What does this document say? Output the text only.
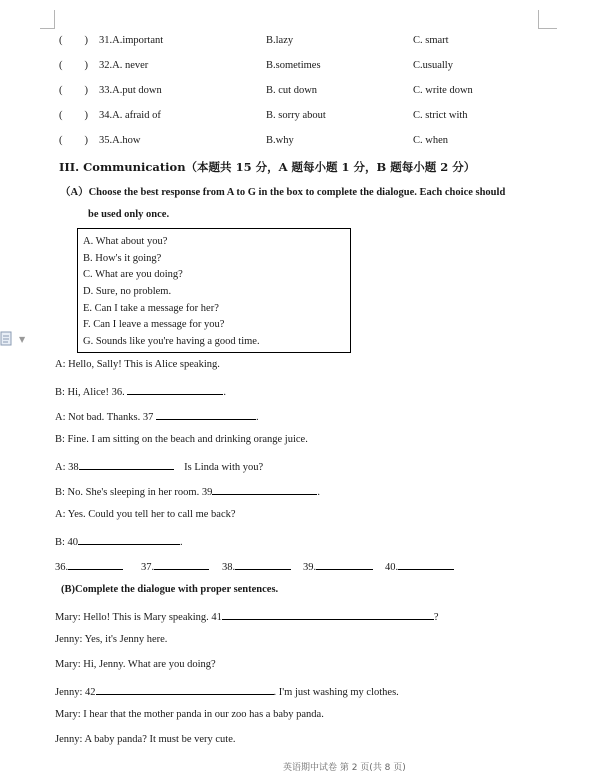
▼
( ) 31.A.important	B.lazy	C. smart
( ) 32.A. never	B.sometimes	C.usually
( ) 33.A.put down	B. cut down	C. write down
( ) 34.A. afraid of	B. sorry about	C. strict with
( ) 35.A.how	B.why	C. when
III. Communication（本题共 15 分，A 题每小题 1 分，B 题每小题 2 分）
（A）Choose the best response from A to G in the box to complete the dialogue. Each choice should
be used only once.
A. What about you?
B. How's it going?
C. What are you doing?
D. Sure, no problem.
E. Can I take a message for her?
F. Can I leave a message for you?
G. Sounds like you're having a good time.
A: Hello, Sally! This is Alice speaking.
B: Hi, Alice! 36.	.
A: Not bad. Thanks. 37	.
B: Fine. I am sitting on the beach and drinking orange juice.
A: 38	Is Linda with you?
B: No. She's sleeping in her room. 39	.
A: Yes. Could you tell her to call me back?
B: 40	.
36.	37.	38.	39.	40.
(B)Complete the dialogue with proper sentences.
Mary: Hello! This is Mary speaking. 41	?
Jenny: Yes, it's Jenny here.
Mary: Hi, Jenny. What are you doing?
Jenny: 42	. I'm just washing my clothes.
Mary: I hear that the mother panda in our zoo has a baby panda.
Jenny: A baby panda? It must be very cute.
英语期中试卷 第 2 页(共 8 页)
